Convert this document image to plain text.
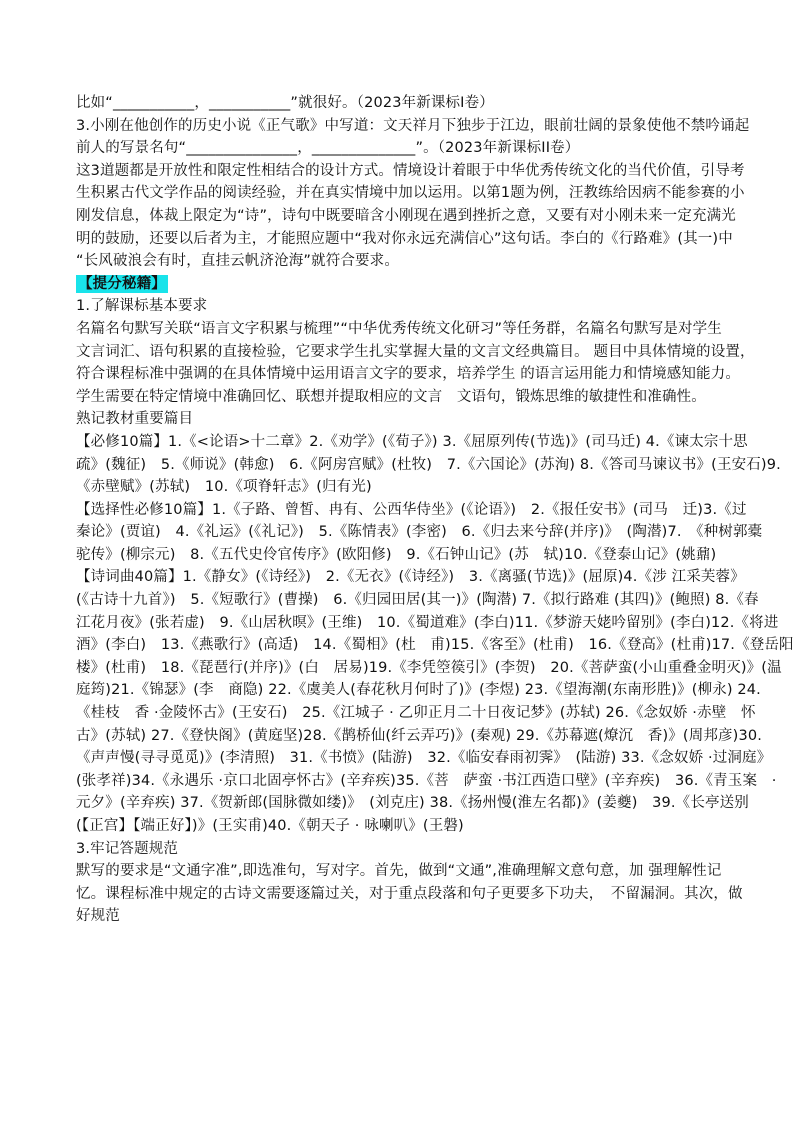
比如“___________，___________”就很好。（2023年新课标I卷）
3.小刚在他创作的历史小说《正气歌》中写道：文天祥月下独步于江边，眼前壮阔的景象使他不禁吟诵起
前人的写景名句“_______________，______________”。（2023年新课标II卷）
这3道题都是开放性和限定性相结合的设计方式。情境设计着眼于中华优秀传统文化的当代价值，引导考
生积累古代文学作品的阅读经验，并在真实情境中加以运用。以第1题为例，汪教练给因病不能参赛的小
刚发信息，体裁上限定为“诗”，诗句中既要暗含小刚现在遇到挫折之意，又要有对小刚未来一定充满光
明的鼓励，还要以后者为主，才能照应题中“我对你永远充满信心”这句话。李白的《行路难》(其一)中
“长风破浪会有时，直挂云帆济沧海”就符合要求。
【提分秘籍】
1.了解课标基本要求
名篇名句默写关联“语言文字积累与梳理”“中华优秀传统文化研习”等任务群，名篇名句默写是对学生
文言词汇、语句积累的直接检验，它要求学生扎实掌握大量的文言文经典篇目。 题目中具体情境的设置，
符合课程标准中强调的在具体情境中运用语言文字的要求，培养学生 的语言运用能力和情境感知能力。
学生需要在特定情境中准确回忆、联想并提取相应的文言　文语句，锻炼思维的敏捷性和准确性。
熟记教材重要篇目
【必修10篇】1.《<论语>十二章》2.《劝学》(《荀子》) 3.《屈原列传(节选)》(司马迁) 4.《谏太宗十思
疏》(魏征)　5.《师说》(韩愈)　6.《阿房宫赋》(杜牧)　7.《六国论》(苏洵) 8.《答司马谏议书》(王安石)9.
《赤壁赋》(苏轼)　10.《项脊轩志》(归有光)
【选择性必修10篇】1.《子路、曾皙、冉有、公西华侍坐》(《论语》)　2.《报任安书》(司马　迁)3.《过
秦论》(贾谊)　4.《礼运》(《礼记》)　5.《陈情表》(李密)　6.《归去来兮辞(并序)》　(陶潜)7.　《种树郭橐
驼传》(柳宗元)　8.《五代史伶官传序》(欧阳修)　9.《石钟山记》(苏　轼)10.《登泰山记》(姚鼐)
【诗词曲40篇】1.《静女》(《诗经》)　2.《无衣》(《诗经》)　3.《离骚(节选)》(屈原)4.《涉 江采芙蓉》
(《古诗十九首》)　5.《短歌行》(曹操)　6.《归园田居(其一)》(陶潜) 7.《拟行路难 (其四)》(鲍照) 8.《春
江花月夜》(张若虚)　9.《山居秋暝》(王维)　10.《蜀道难》(李白)11.《梦游天姥吟留别》(李白)12.《将进
酒》(李白)　13.《燕歌行》(高适)　14.《蜀相》(杜　甫)15.《客至》(杜甫)　16.《登高》(杜甫)17.《登岳阳
楼》(杜甫)　18.《琵琶行(并序)》(白　居易)19.《李凭箜篌引》(李贺)　20.《菩萨蛮(小山重叠金明灭)》(温
庭筠)21.《锦瑟》(李　商隐) 22.《虞美人(春花秋月何时了)》(李煜) 23.《望海潮(东南形胜)》(柳永) 24.
《桂枝　香 ·金陵怀古》(王安石)　25.《江城子 · 乙卯正月二十日夜记梦》(苏轼) 26.《念奴娇 ·赤壁　怀
古》(苏轼) 27.《登快阁》(黄庭坚)28.《鹊桥仙(纤云弄巧)》(秦观) 29.《苏幕遮(燎沉　香)》(周邦彦)30.
《声声慢(寻寻觅觅)》(李清照)　31.《书愤》(陆游)　32.《临安春雨初霁》　(陆游) 33.《念奴娇 ·过洞庭》
(张孝祥)34.《永遇乐 ·京口北固亭怀古》(辛弃疾)35.《菩　萨蛮 ·书江西造口壁》(辛弃疾)　36.《青玉案　·
元夕》(辛弃疾) 37.《贺新郎(国脉微如缕)》　(刘克庄) 38.《扬州慢(淮左名都)》(姜夔)　39.《长亭送别
(【正宫】【端正好】)》(王实甫)40.《朝天子 · 咏喇叭》(王磐)
3.牢记答题规范
默写的要求是“文通字准”,即选准句，写对字。首先，做到“文通”,准确理解文意句意，加 强理解性记
忆。课程标准中规定的古诗文需要逐篇过关，对于重点段落和句子更要多下功夫，　不留漏洞。其次，做
好规范
